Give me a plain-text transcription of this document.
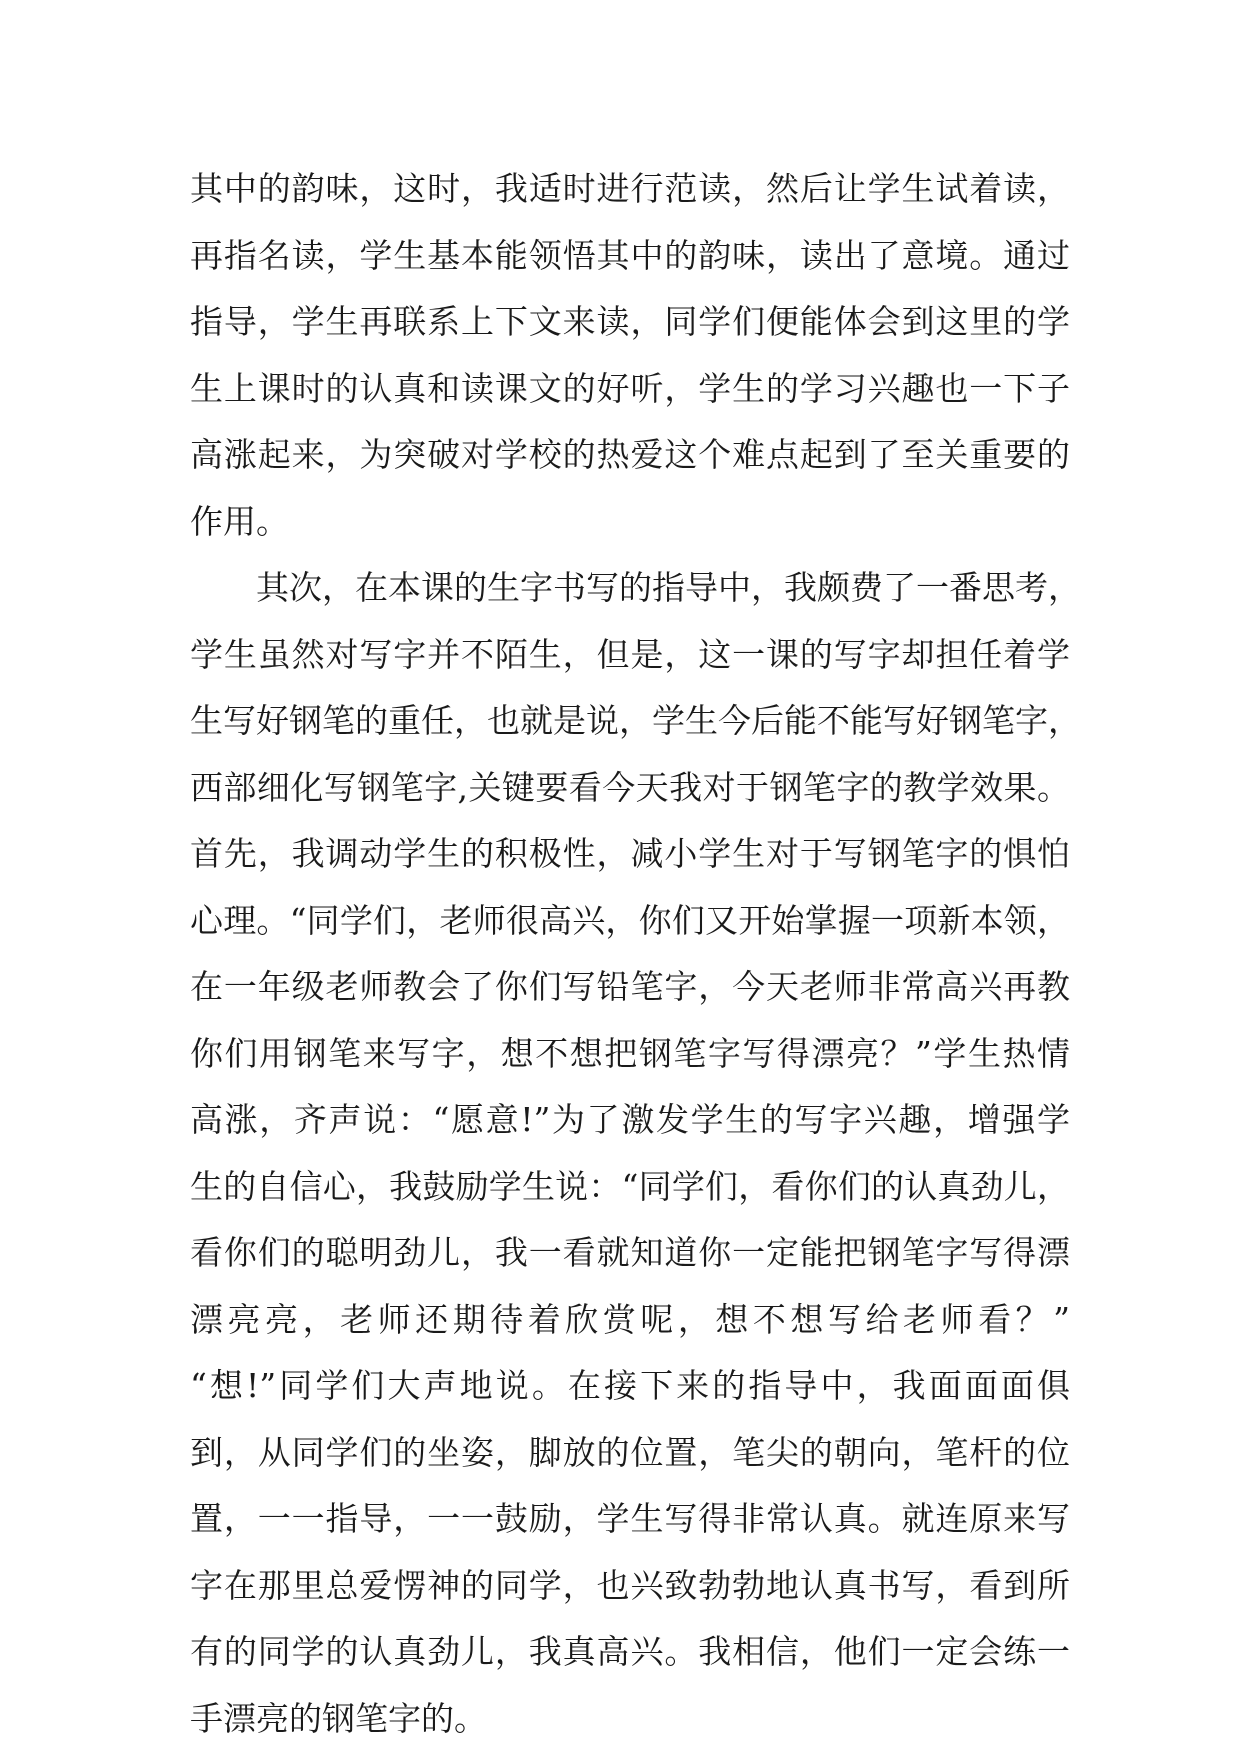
其中的韵味，这时，我适时进行范读，然后让学生试着读，
再指名读，学生基本能领悟其中的韵味，读出了意境。通过
指导，学生再联系上下文来读，同学们便能体会到这里的学
生上课时的认真和读课文的好听，学生的学习兴趣也一下子
高涨起来，为突破对学校的热爱这个难点起到了至关重要的
作用。
其次，在本课的生字书写的指导中，我颇费了一番思考，
学生虽然对写字并不陌生，但是，这一课的写字却担任着学
生写好钢笔的重任，也就是说，学生今后能不能写好钢笔字，
西部细化写钢笔字,关键要看今天我对于钢笔字的教学效果。
首先，我调动学生的积极性，减小学生对于写钢笔字的惧怕
心理。“同学们，老师很高兴，你们又开始掌握一项新本领，
在一年级老师教会了你们写铅笔字，今天老师非常高兴再教
你们用钢笔来写字，想不想把钢笔字写得漂亮？”学生热情
高涨，齐声说：“愿意!”为了激发学生的写字兴趣，增强学
生的自信心，我鼓励学生说：“同学们，看你们的认真劲儿，
看你们的聪明劲儿，我一看就知道你一定能把钢笔字写得漂
漂亮亮，老师还期待着欣赏呢，想不想写给老师看？”
“想!”同学们大声地说。在接下来的指导中，我面面面俱
到，从同学们的坐姿，脚放的位置，笔尖的朝向，笔杆的位
置，一一指导，一一鼓励，学生写得非常认真。就连原来写
字在那里总爱愣神的同学，也兴致勃勃地认真书写，看到所
有的同学的认真劲儿，我真高兴。我相信，他们一定会练一
手漂亮的钢笔字的。
